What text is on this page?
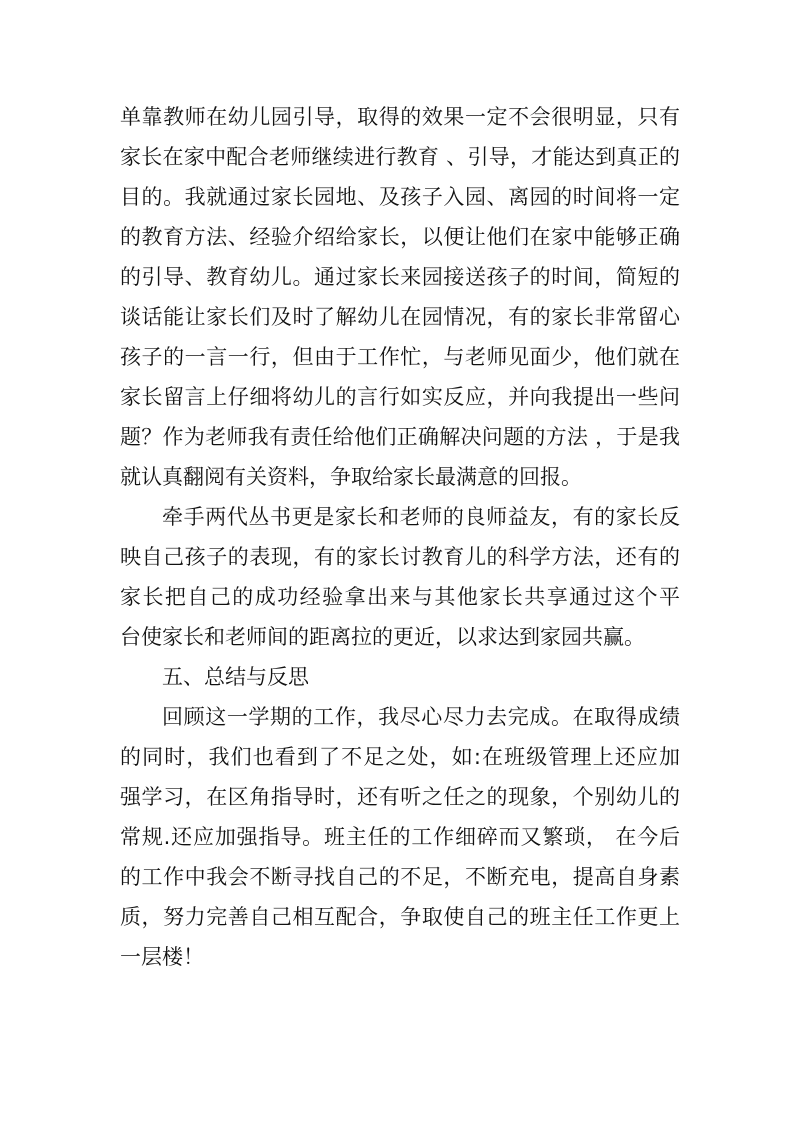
单靠教师在幼儿园引导，取得的效果一定不会很明显，只有
家长在家中配合老师继续进行教育 、引导，才能达到真正的
目的。我就通过家长园地、及孩子入园、离园的时间将一定
的教育方法、经验介绍给家长，以便让他们在家中能够正确
的引导、教育幼儿。通过家长来园接送孩子的时间，简短的
谈话能让家长们及时了解幼儿在园情况，有的家长非常留心
孩子的一言一行，但由于工作忙，与老师见面少，他们就在
家长留言上仔细将幼儿的言行如实反应，并向我提出一些问
题？作为老师我有责任给他们正确解决问题的方法 ，于是我
就认真翻阅有关资料，争取给家长最满意的回报。
牵手两代丛书更是家长和老师的良师益友，有的家长反
映自己孩子的表现，有的家长讨教育儿的科学方法，还有的
家长把自己的成功经验拿出来与其他家长共享通过这个平
台使家长和老师间的距离拉的更近，以求达到家园共赢。
五、总结与反思
回顾这一学期的工作，我尽心尽力去完成。在取得成绩
的同时，我们也看到了不足之处，如:在班级管理上还应加
强学习，在区角指导时，还有听之任之的现象，个别幼儿的
常规.还应加强指导。班主任的工作细碎而又繁琐， 在今后
的工作中我会不断寻找自己的不足，不断充电，提高自身素
质，努力完善自己相互配合，争取使自己的班主任工作更上
一层楼！
